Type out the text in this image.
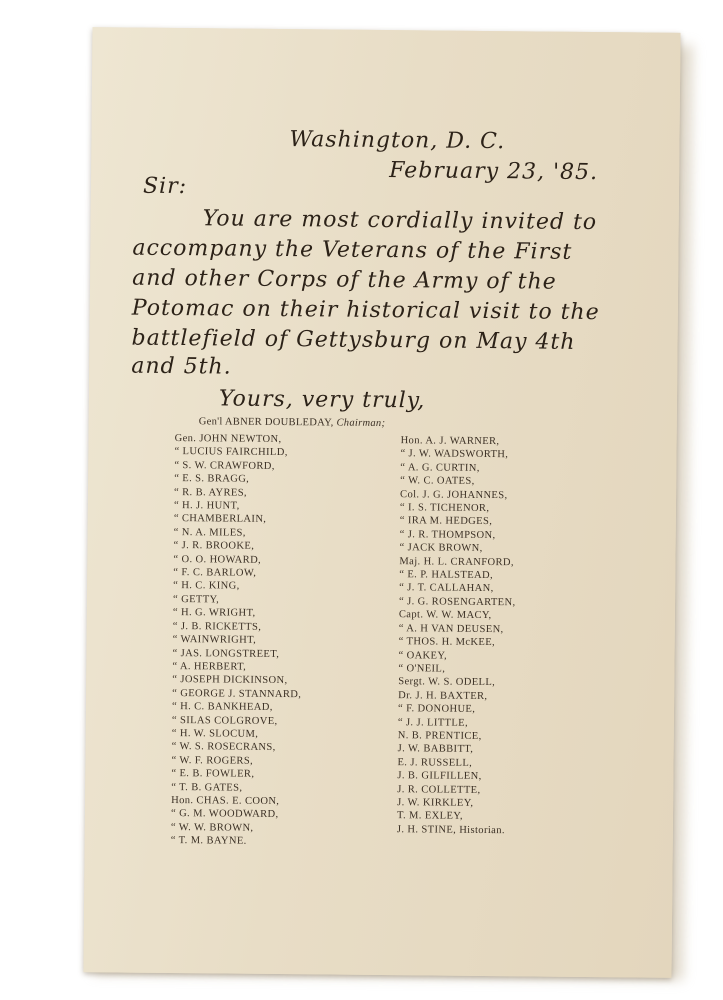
Washington, D. C.
February 23, '85.
Sir:
You are most cordially invited to
accompany the Veterans of the First
and other Corps of the Army of the
Potomac on their historical visit to the
battlefield of Gettysburg on May 4th
and 5th.
Yours, very truly,
Gen'l ABNER DOUBLEDAY, Chairman;
Gen. JOHN NEWTON,
“ LUCIUS FAIRCHILD,
“ S. W. CRAWFORD,
“ E. S. BRAGG,
“ R. B. AYRES,
“ H. J. HUNT,
“ CHAMBERLAIN,
“ N. A. MILES,
“ J. R. BROOKE,
“ O. O. HOWARD,
“ F. C. BARLOW,
“ H. C. KING,
“ GETTY,
“ H. G. WRIGHT,
“ J. B. RICKETTS,
“ WAINWRIGHT,
“ JAS. LONGSTREET,
“ A. HERBERT,
“ JOSEPH DICKINSON,
“ GEORGE J. STANNARD,
“ H. C. BANKHEAD,
“ SILAS COLGROVE,
“ H. W. SLOCUM,
“ W. S. ROSECRANS,
“ W. F. ROGERS,
“ E. B. FOWLER,
“ T. B. GATES,
Hon. CHAS. E. COON,
“ G. M. WOODWARD,
“ W. W. BROWN,
“ T. M. BAYNE.
Hon. A. J. WARNER,
“ J. W. WADSWORTH,
“ A. G. CURTIN,
“ W. C. OATES,
Col. J. G. JOHANNES,
“ I. S. TICHENOR,
“ IRA M. HEDGES,
“ J. R. THOMPSON,
“ JACK BROWN,
Maj. H. L. CRANFORD,
“ E. P. HALSTEAD,
“ J. T. CALLAHAN,
“ J. G. ROSENGARTEN,
Capt. W. W. MACY,
“ A. H VAN DEUSEN,
“ THOS. H. McKEE,
“ OAKEY,
“ O'NEIL,
Sergt. W. S. ODELL,
Dr. J. H. BAXTER,
“ F. DONOHUE,
“ J. J. LITTLE,
N. B. PRENTICE,
J. W. BABBITT,
E. J. RUSSELL,
J. B. GILFILLEN,
J. R. COLLETTE,
J. W. KIRKLEY,
T. M. EXLEY,
J. H. STINE, Historian.
